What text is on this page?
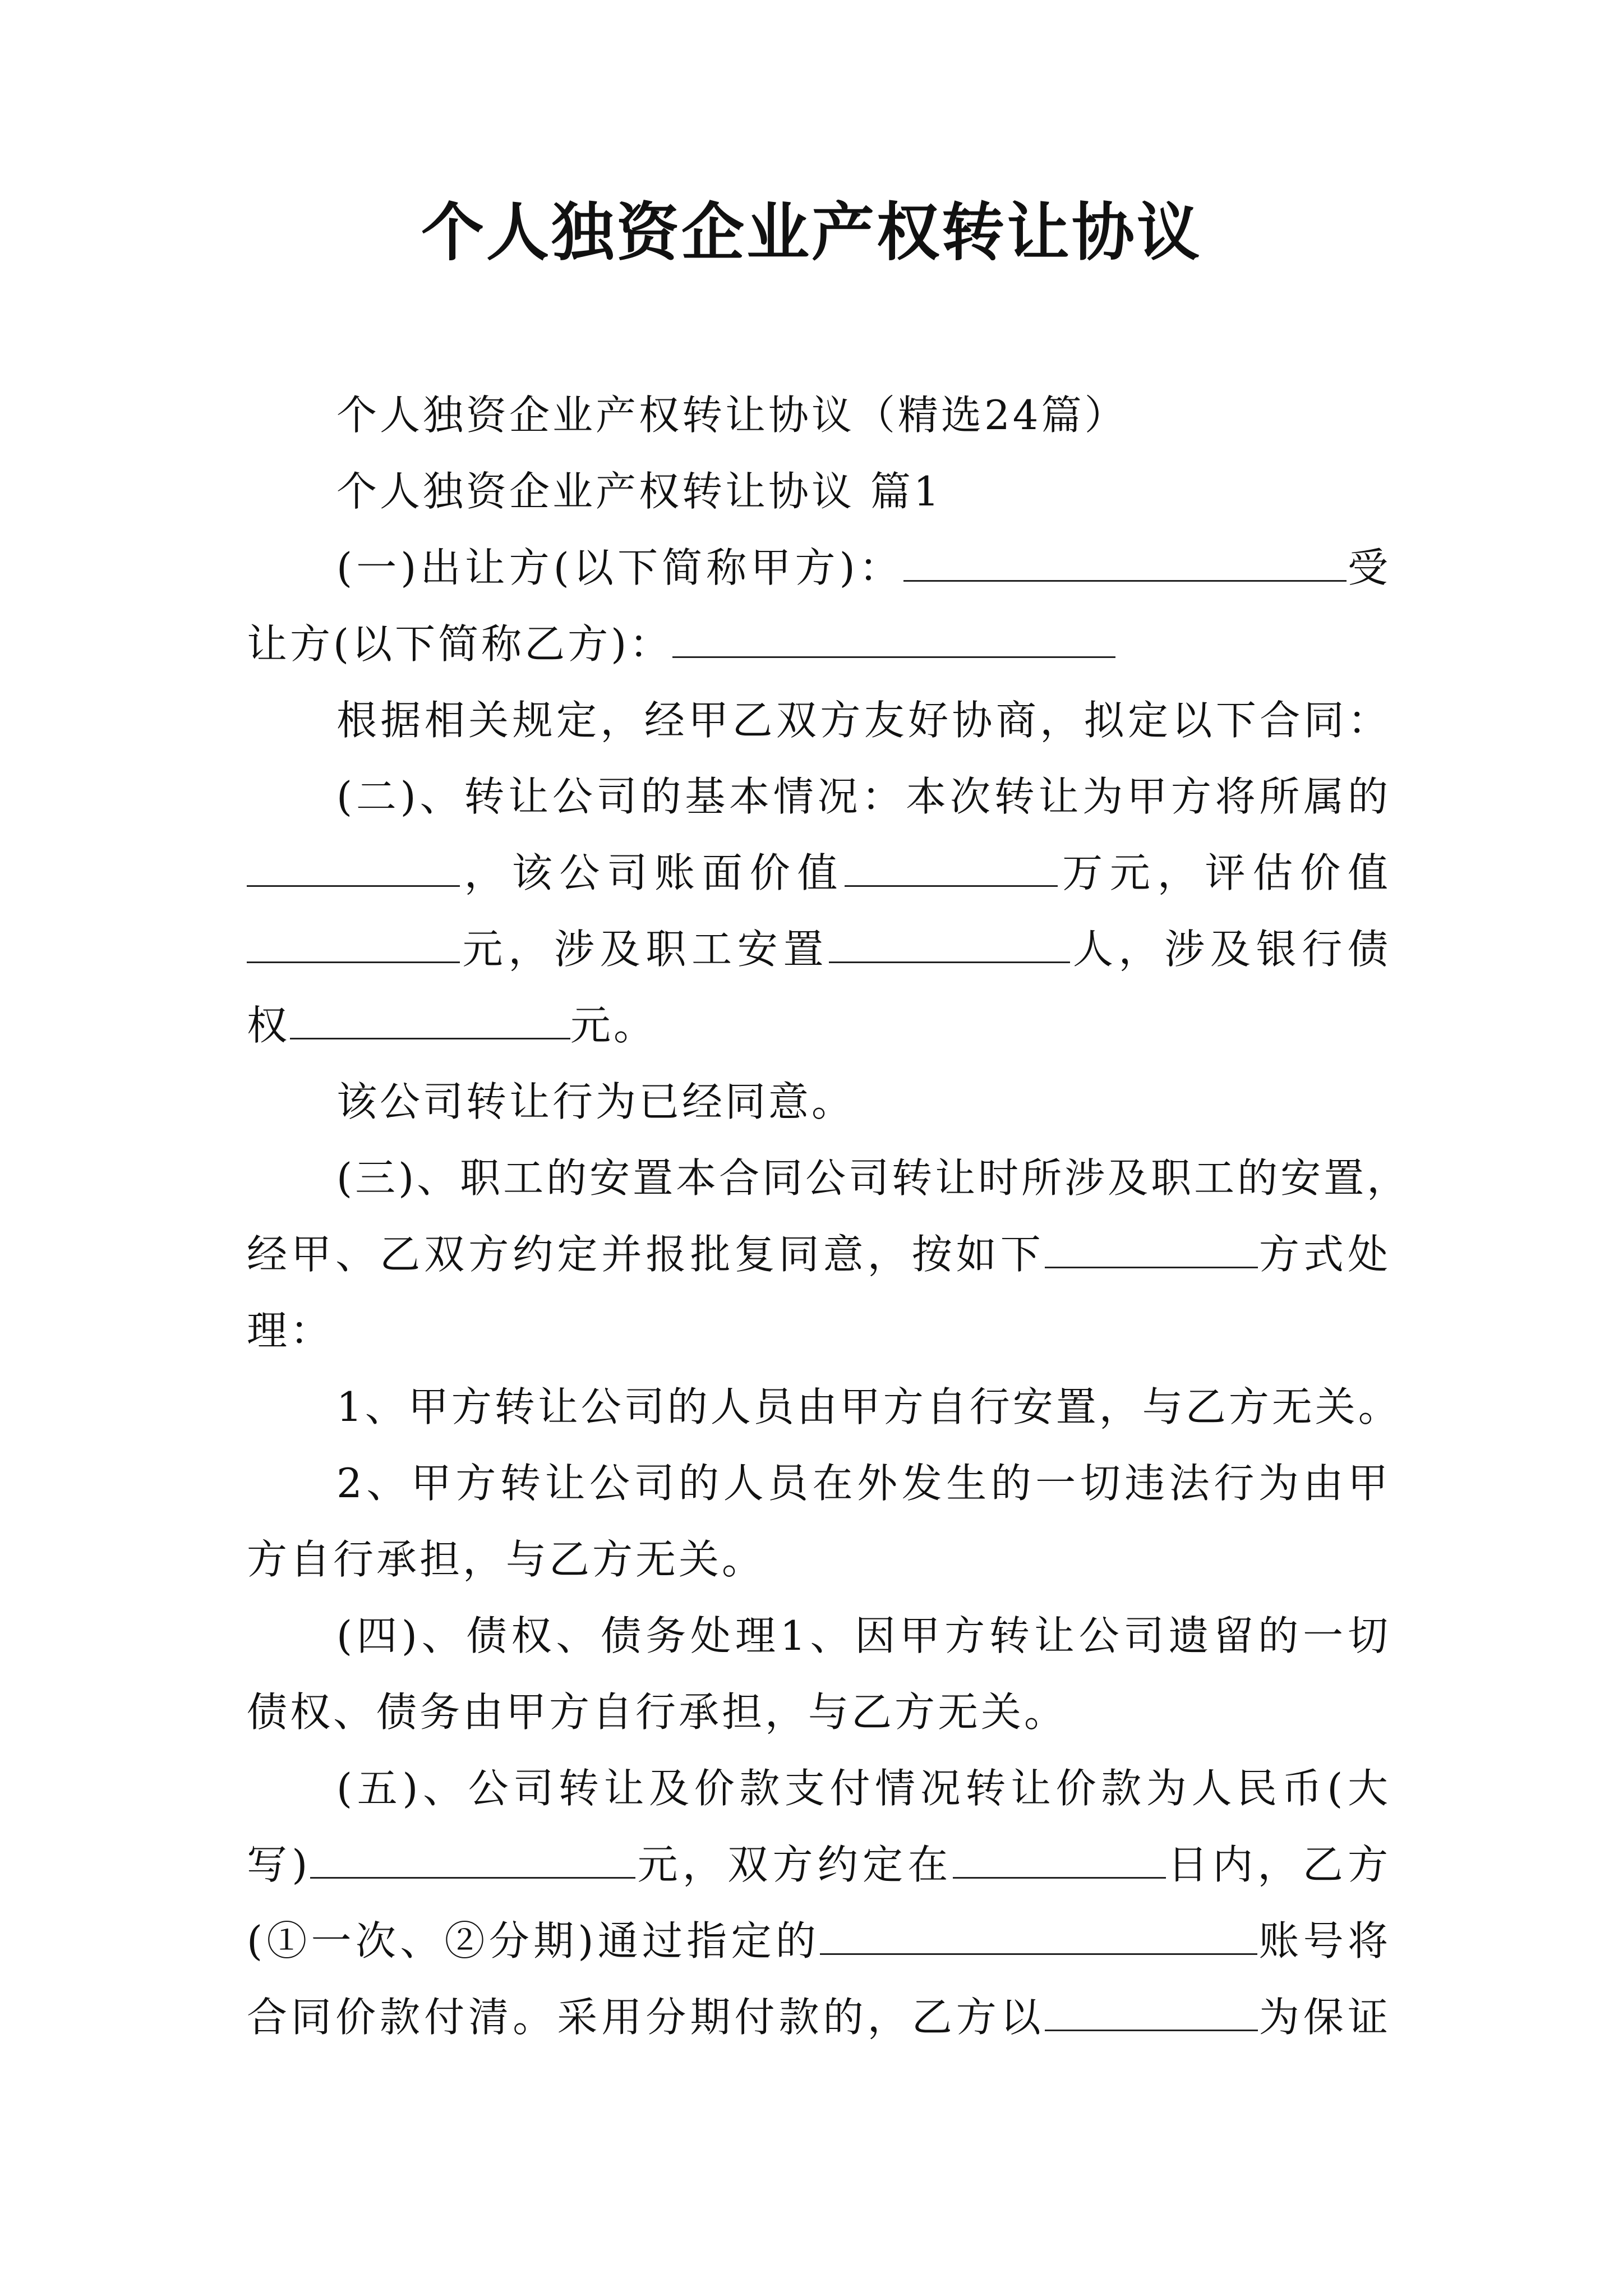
个人独资企业产权转让协议
个人独资企业产权转让协议（精选24篇）
个人独资企业产权转让协议 篇1
(一)出让方(以下简称甲方)：	受
让方(以下简称乙方)：
根据相关规定，经甲乙双方友好协商，拟定以下合同：
(二)、转让公司的基本情况：本次转让为甲方将所属的
，该公司账面价值	万元，评估价值
元，涉及职工安置	人，涉及银行债
权	元。
该公司转让行为已经同意。
(三)、职工的安置本合同公司转让时所涉及职工的安置，
经甲、乙双方约定并报批复同意，按如下	方式处
理：
1、甲方转让公司的人员由甲方自行安置，与乙方无关。
2、甲方转让公司的人员在外发生的一切违法行为由甲
方自行承担，与乙方无关。
(四)、债权、债务处理1、因甲方转让公司遗留的一切
债权、债务由甲方自行承担，与乙方无关。
(五)、公司转让及价款支付情况转让价款为人民币(大
写)	元，双方约定在	日内，乙方
(①一次、②分期)通过指定的	账号将
合同价款付清。采用分期付款的，乙方以	为保证
